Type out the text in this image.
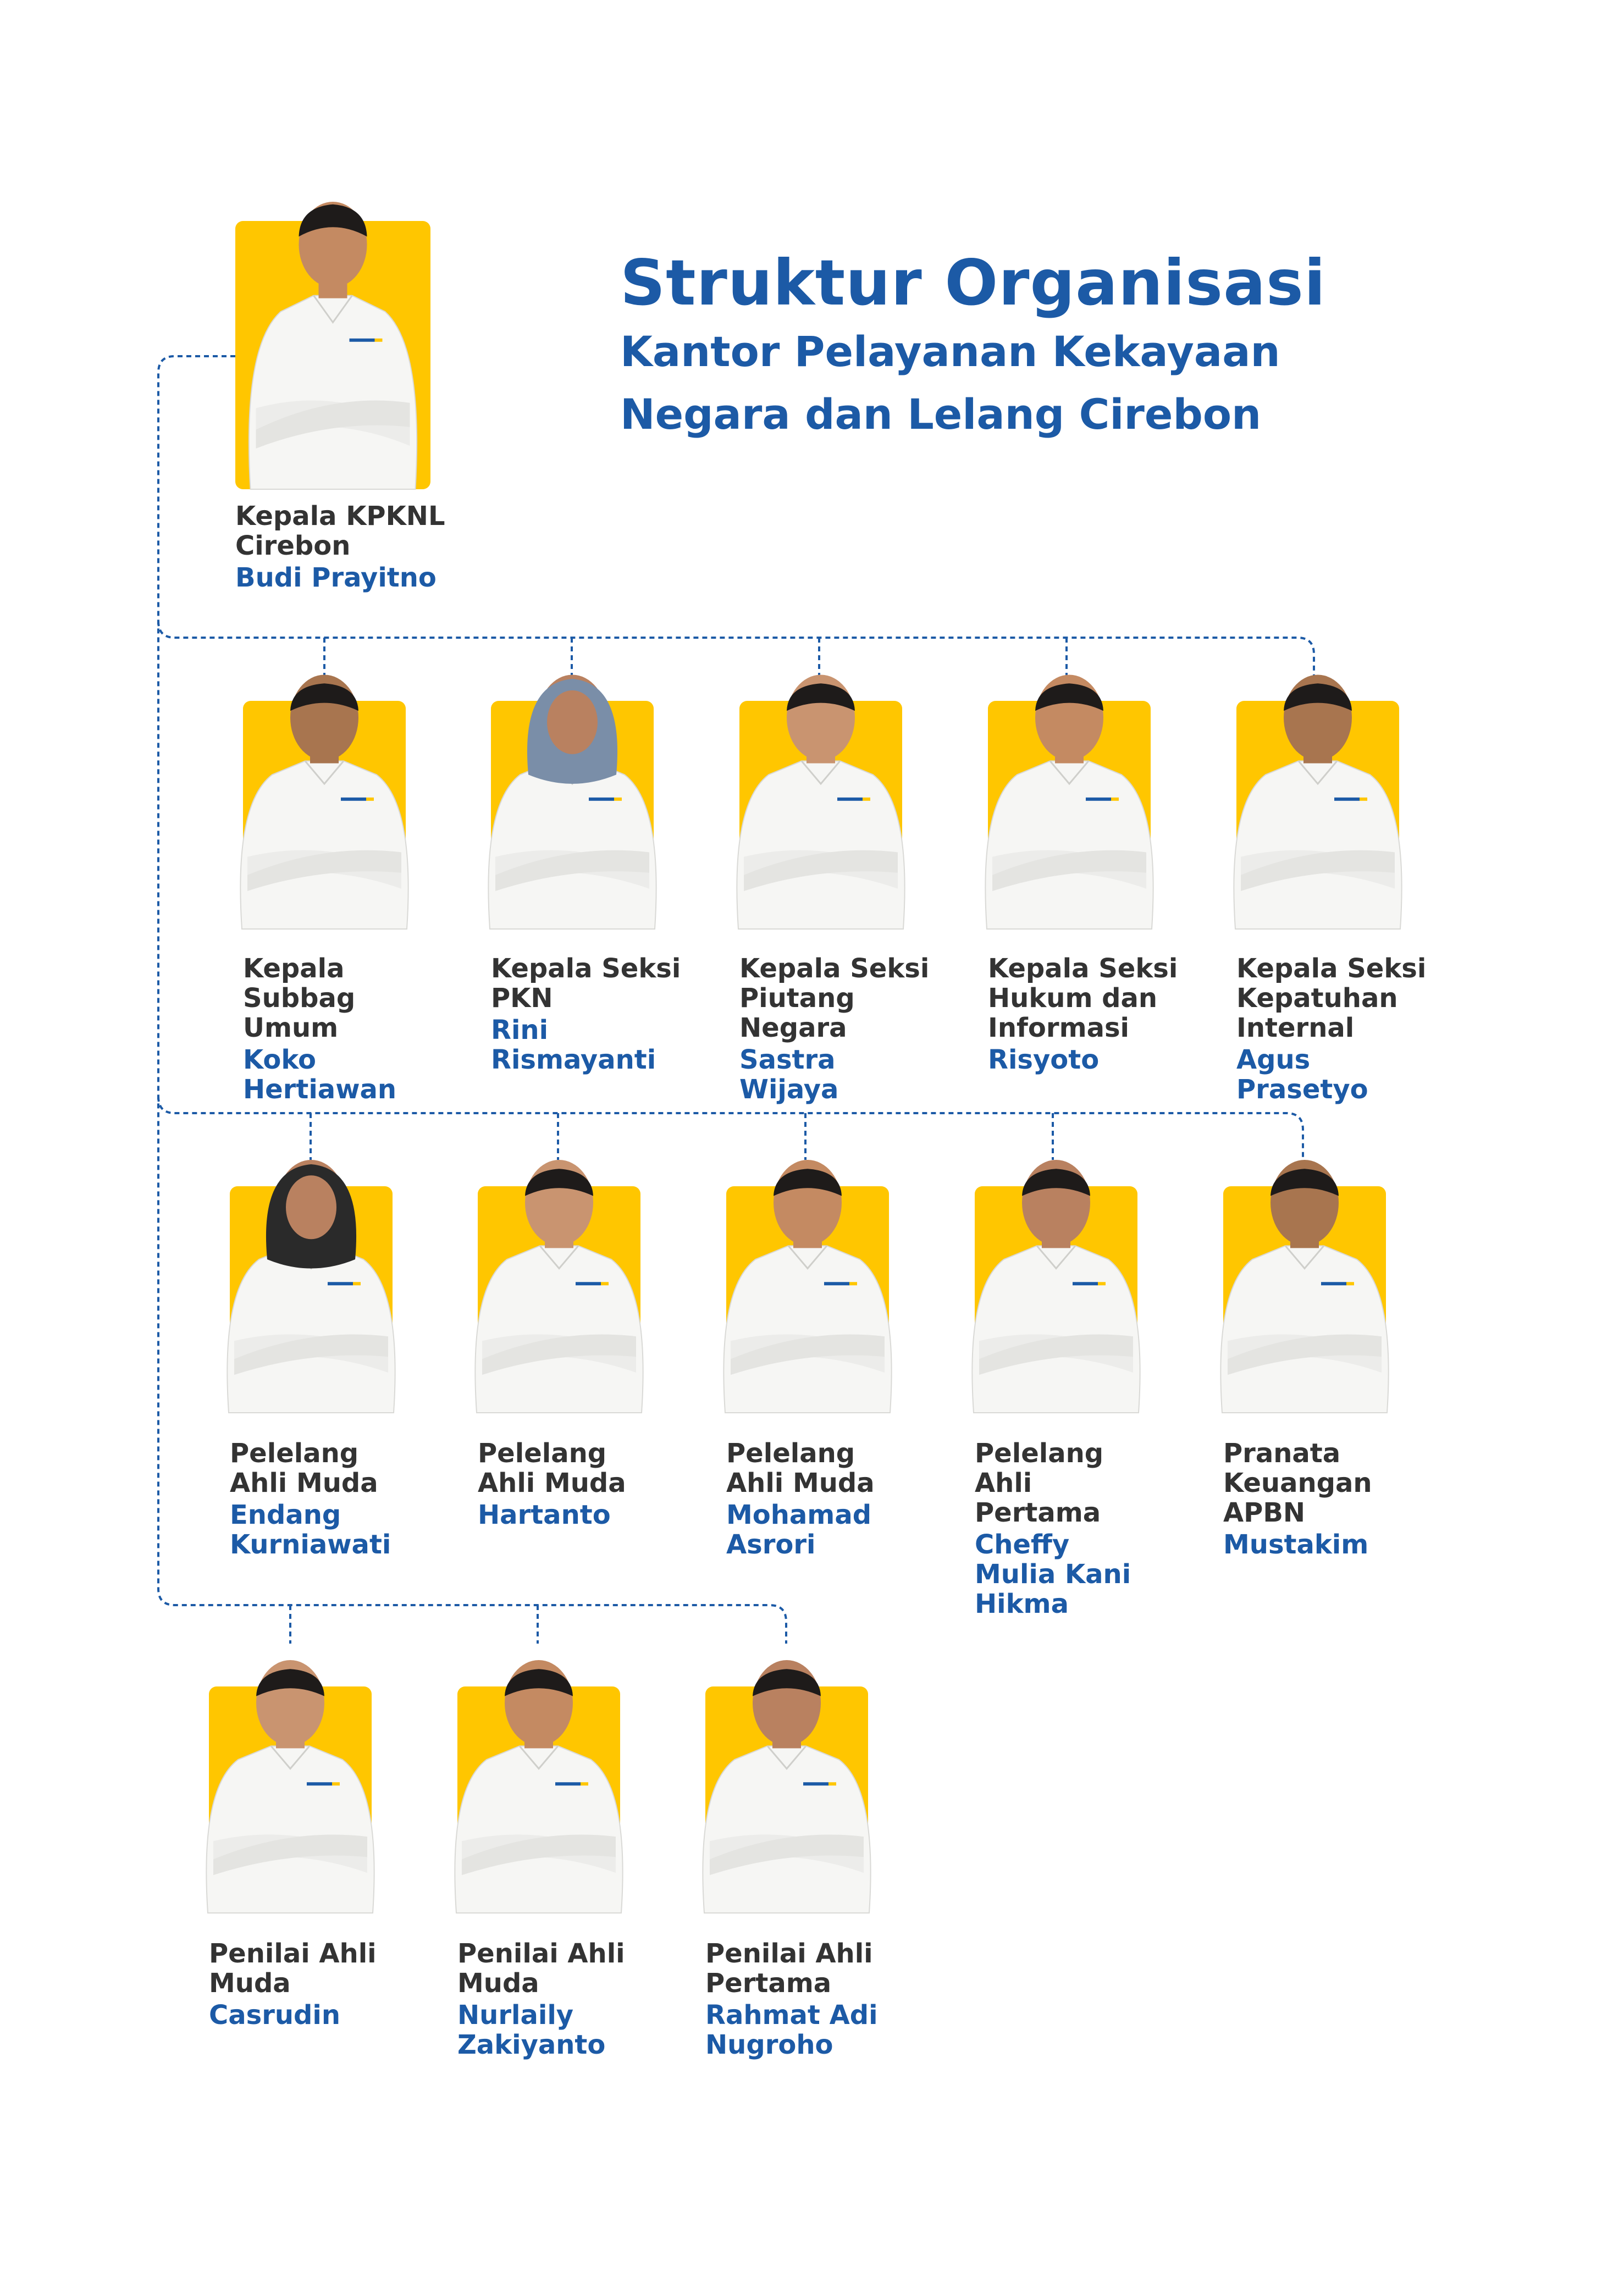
Struktur Organisasi
Kantor Pelayanan Kekayaan
Negara dan Lelang Cirebon
Kepala KPKNL Cirebon
Budi Prayitno
Kepala Subbag Umum
Koko Hertiawan
Kepala Seksi PKN
Rini Rismayanti
Kepala Seksi Piutang Negara
Sastra Wijaya
Kepala Seksi Hukum dan Informasi
Risyoto
Kepala Seksi Kepatuhan Internal
Agus Prasetyo
Pelelang Ahli Muda
Endang Kurniawati
Pelelang Ahli Muda
Hartanto
Pelelang Ahli Muda
Mohamad Asrori
Pelelang Ahli Pertama
Cheffy Mulia Kani Hikma
Pranata Keuangan APBN
Mustakim
Penilai Ahli Muda
Casrudin
Penilai Ahli Muda
Nurlaily Zakiyanto
Penilai Ahli Pertama
Rahmat Adi Nugroho
